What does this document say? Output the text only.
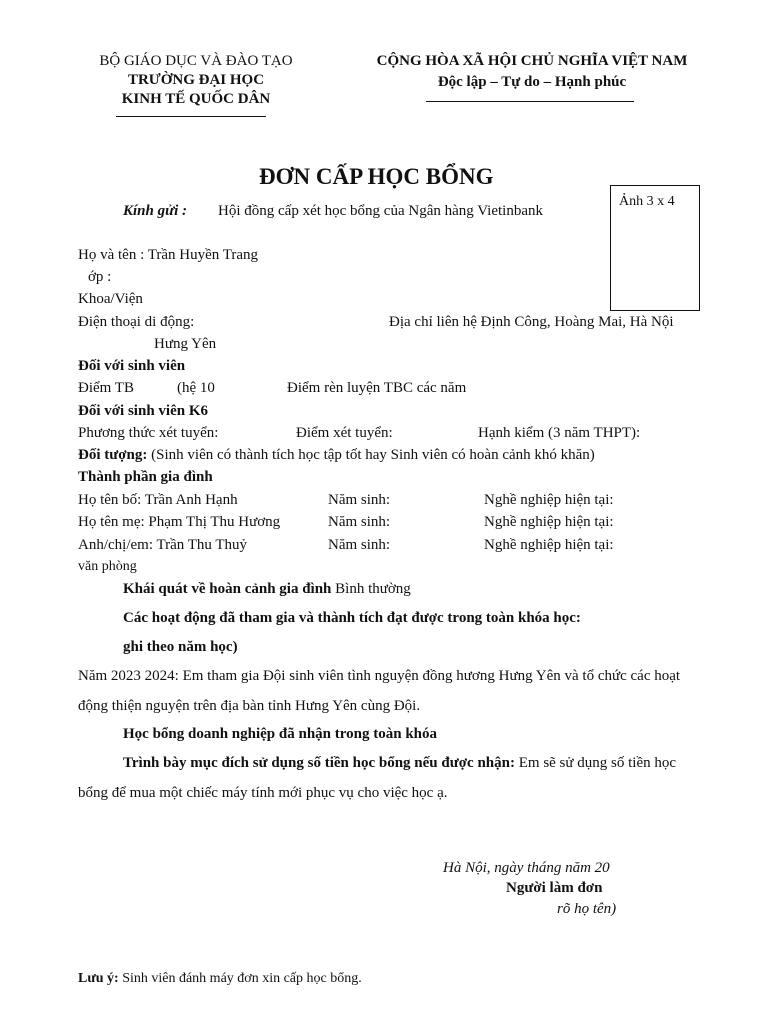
BỘ GIÁO DỤC VÀ ĐÀO TẠO
TRƯỜNG ĐẠI HỌC
KINH TẾ QUỐC DÂN
CỘNG HÒA XÃ HỘI CHỦ NGHĨA VIỆT NAM
Độc lập – Tự do – Hạnh phúc
ĐƠN CẤP HỌC BỔNG
Ảnh 3 x 4
Kính gửi : Hội đồng cấp xét học bổng của Ngân hàng Vietinbank
Họ và tên : Trần Huyền Trang
ớp :
Khoa/Viện
Điện thoại di động:	Địa chỉ liên hệ Định Công, Hoàng Mai, Hà Nội
Hưng Yên
Đối với sinh viên
Điểm TB	(hệ 10	Điểm rèn luyện TBC các năm
Đối với sinh viên K6
Phương thức xét tuyển:	Điểm xét tuyển:	Hạnh kiểm (3 năm THPT):
Đối tượng: (Sinh viên có thành tích học tập tốt hay Sinh viên có hoàn cảnh khó khăn)
Thành phần gia đình
Họ tên bố: Trần Anh Hạnh	Năm sinh:	Nghề nghiệp hiện tại:
Họ tên mẹ: Phạm Thị Thu Hương	Năm sinh:	Nghề nghiệp hiện tại:
Anh/chị/em: Trần Thu Thuỷ	Năm sinh:	Nghề nghiệp hiện tại:
văn phòng
Khái quát về hoàn cảnh gia đình Bình thường
Các hoạt động đã tham gia và thành tích đạt được trong toàn khóa học:
ghi theo năm học)
Năm 2023 2024: Em tham gia Đội sinh viên tình nguyện đồng hương Hưng Yên và tổ chức các hoạt động thiện nguyện trên địa bàn tỉnh Hưng Yên cùng Đội.
Học bổng doanh nghiệp đã nhận trong toàn khóa
Trình bày mục đích sử dụng số tiền học bổng nếu được nhận: Em sẽ sử dụng số tiền học bổng để mua một chiếc máy tính mới phục vụ cho việc học ạ.
Hà Nội, ngày tháng năm 20
Người làm đơn
rõ họ tên)
Lưu ý: Sinh viên đánh máy đơn xin cấp học bổng.
